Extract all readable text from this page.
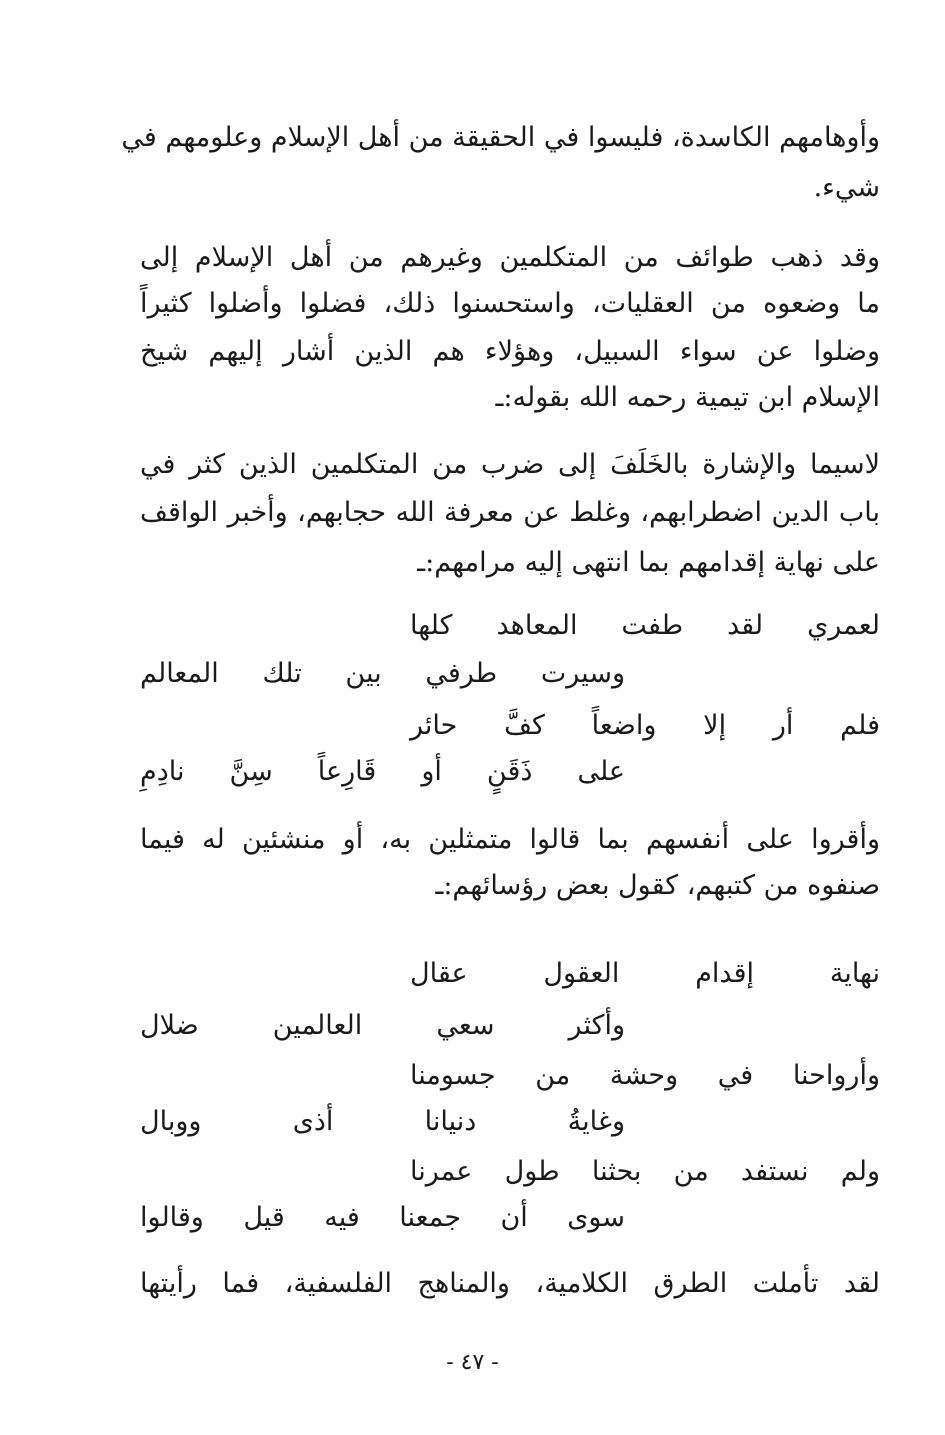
وأوهامهم الكاسدة، فليسوا في الحقيقة من أهل الإسلام وعلومهم في
شيء.
وقد ذهب طوائف من المتكلمين وغيرهم من أهل الإسلام إلى
ما وضعوه من العقليات، واستحسنوا ذلك، فضلوا وأضلوا كثيراً
وضلوا عن سواء السبيل، وهؤلاء هم الذين أشار إليهم شيخ
الإسلام ابن تيمية رحمه الله بقوله:ـ
لاسيما والإشارة بالخَلَفَ إلى ضرب من المتكلمين الذين كثر في
باب الدين اضطرابهم، وغلط عن معرفة الله حجابهم، وأخبر الواقف
على نهاية إقدامهم بما انتهى إليه مرامهم:ـ
لعمري لقد طفت المعاهد كلها
وسيرت طرفي بين تلك المعالم
فلم أر إلا واضعاً كفَّ حائر
على ذَقَنٍ أو قَارِعاً سِنَّ نادِمِ
وأقروا على أنفسهم بما قالوا متمثلين به، أو منشئين له فيما
صنفوه من كتبهم، كقول بعض رؤسائهم:ـ
نهاية إقدام العقول عقال
وأكثر سعي العالمين ضلال
وأرواحنا في وحشة من جسومنا
وغايةُ دنيانا أذى ووبال
ولم نستفد من بحثنا طول عمرنا
سوى أن جمعنا فيه قيل وقالوا
لقد تأملت الطرق الكلامية، والمناهج الفلسفية، فما رأيتها
- ٤٧ -
